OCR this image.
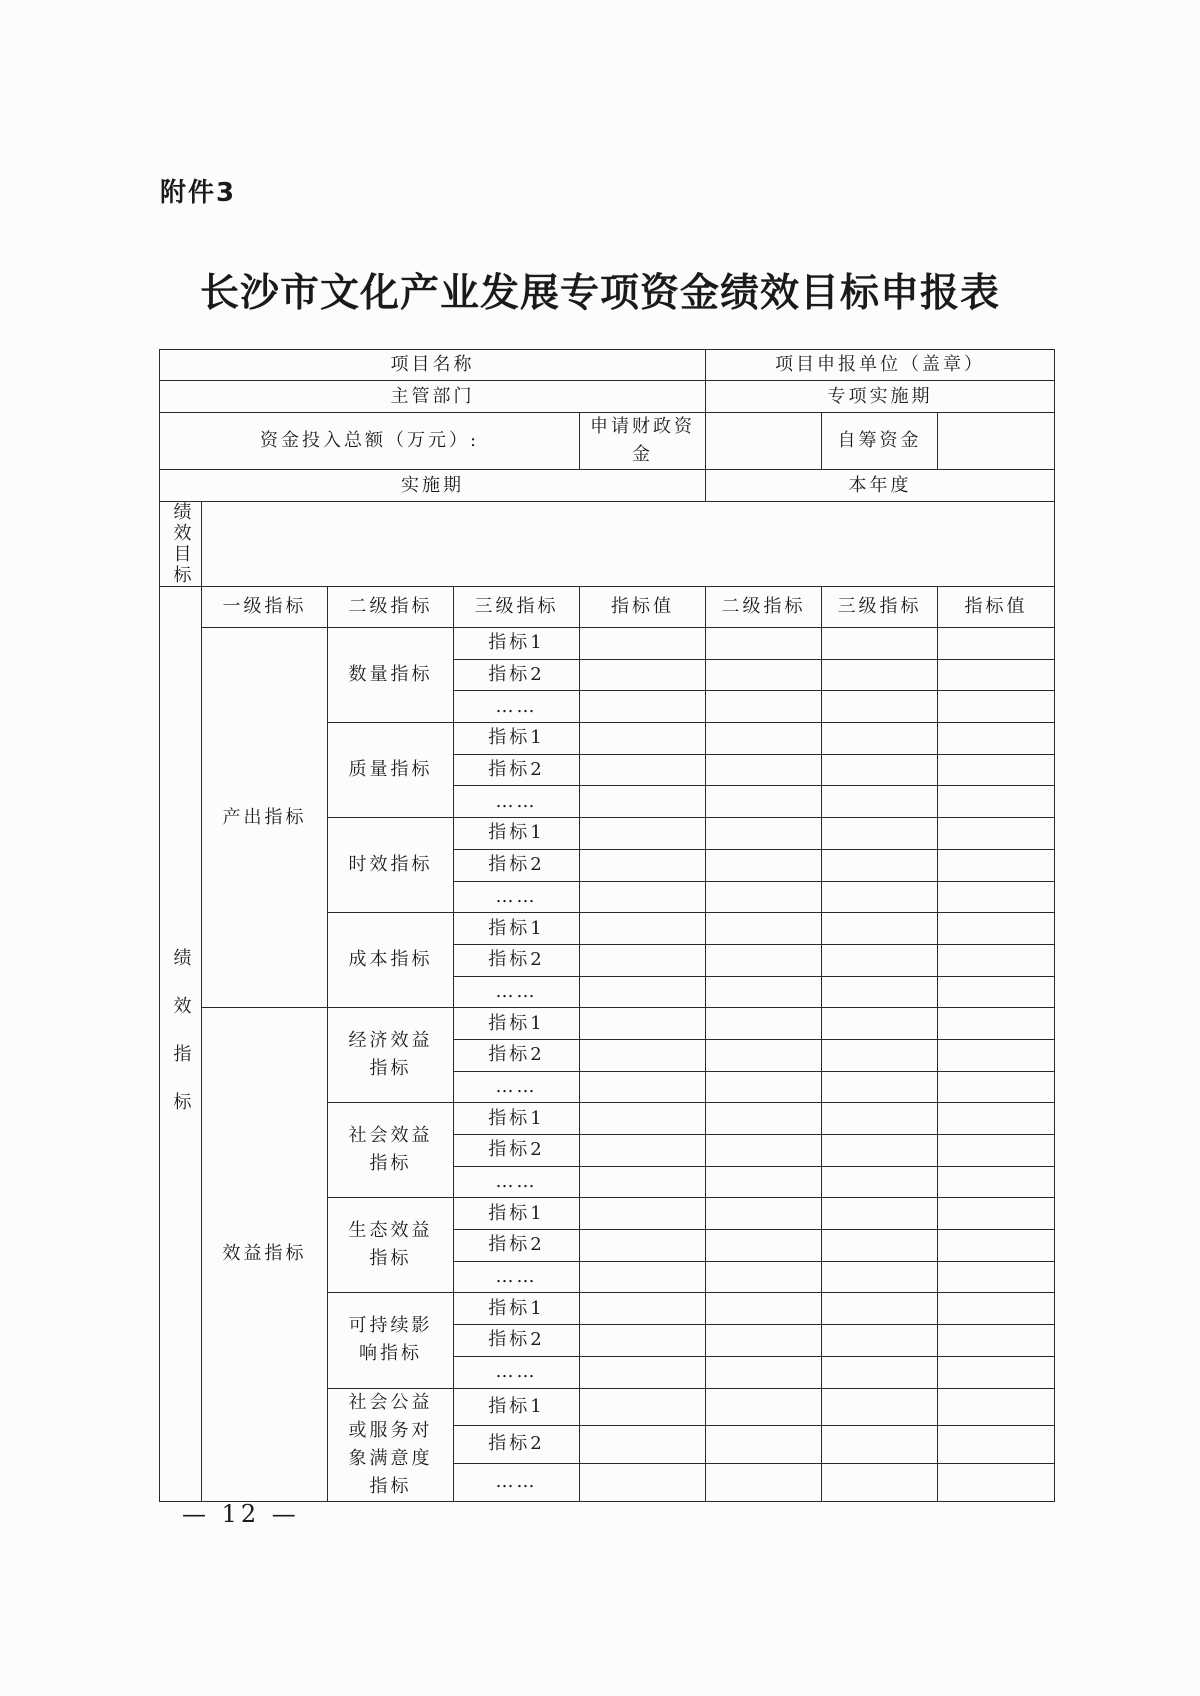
附件3
长沙市文化产业发展专项资金绩效目标申报表
项目名称					项目申报单位（盖章）		
主管部门					专项实施期		
资金投入总额（万元）:				申请财政资金		自筹资金	
实施期					本年度		

绩效目标							

绩效指标	一级指标	二级指标	三级指标	指标值	二级指标	三级指标	指标值
	产出指标	数量指标	指标1				
			指标2				
			……				
		质量指标	指标1				
			指标2				
			……				
		时效指标	指标1				
			指标2				
			……				
		成本指标	指标1				
			指标2				
			……				
	效益指标	经济效益指标	指标1				
			指标2				
			……				
		社会效益指标	指标1				
			指标2				
			……				
		生态效益指标	指标1				
			指标2				
			……				
		可持续影响指标	指标1				
			指标2				
			……				
		社会公益或服务对象满意度指标	指标1				
			指标2				
			……				
— 12 —
